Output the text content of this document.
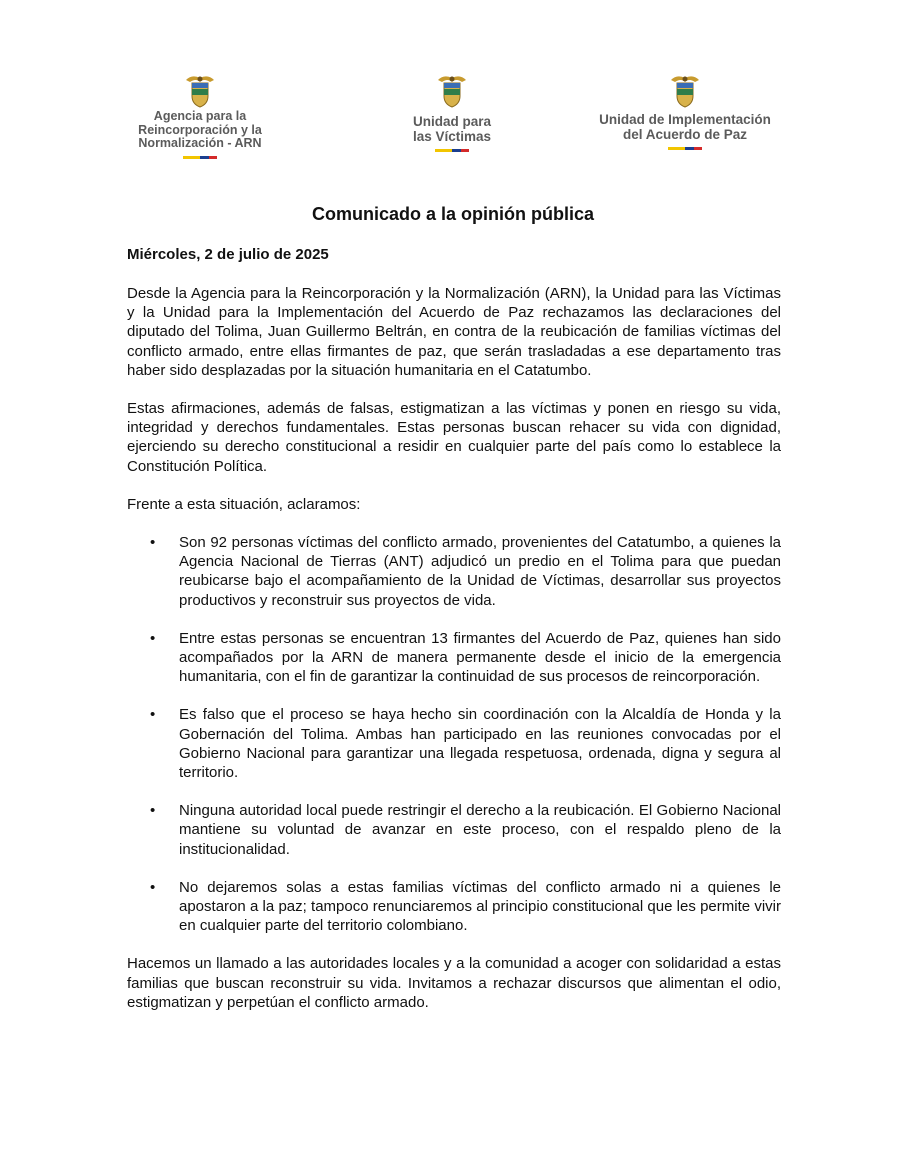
Agencia para la
Reincorporación y la
Normalización - ARN
Unidad para
las Víctimas
Unidad de Implementación
del Acuerdo de Paz
Comunicado a la opinión pública
Miércoles, 2 de julio de 2025

Desde la Agencia para la Reincorporación y la Normalización (ARN), la Unidad para las Víctimas y la Unidad para la Implementación del Acuerdo de Paz rechazamos las declaraciones del diputado del Tolima, Juan Guillermo Beltrán, en contra de la reubicación de familias víctimas del conflicto armado, entre ellas firmantes de paz, que serán trasladadas a ese departamento tras haber sido desplazadas por la situación humanitaria en el Catatumbo.

Estas afirmaciones, además de falsas, estigmatizan a las víctimas y ponen en riesgo su vida, integridad y derechos fundamentales. Estas personas buscan rehacer su vida con dignidad, ejerciendo su derecho constitucional a residir en cualquier parte del país como lo establece la Constitución Política.

Frente a esta situación, aclaramos:

• Son 92 personas víctimas del conflicto armado, provenientes del Catatumbo, a quienes la Agencia Nacional de Tierras (ANT) adjudicó un predio en el Tolima para que puedan reubicarse bajo el acompañamiento de la Unidad de Víctimas, desarrollar sus proyectos productivos y reconstruir sus proyectos de vida.
• Entre estas personas se encuentran 13 firmantes del Acuerdo de Paz, quienes han sido acompañados por la ARN de manera permanente desde el inicio de la emergencia humanitaria, con el fin de garantizar la continuidad de sus procesos de reincorporación.
• Es falso que el proceso se haya hecho sin coordinación con la Alcaldía de Honda y la Gobernación del Tolima. Ambas han participado en las reuniones convocadas por el Gobierno Nacional para garantizar una llegada respetuosa, ordenada, digna y segura al territorio.
• Ninguna autoridad local puede restringir el derecho a la reubicación. El Gobierno Nacional mantiene su voluntad de avanzar en este proceso, con el respaldo pleno de la institucionalidad.
• No dejaremos solas a estas familias víctimas del conflicto armado ni a quienes le apostaron a la paz; tampoco renunciaremos al principio constitucional que les permite vivir en cualquier parte del territorio colombiano.

Hacemos un llamado a las autoridades locales y a la comunidad a acoger con solidaridad a estas familias que buscan reconstruir su vida. Invitamos a rechazar discursos que alimentan el odio, estigmatizan y perpetúan el conflicto armado.
